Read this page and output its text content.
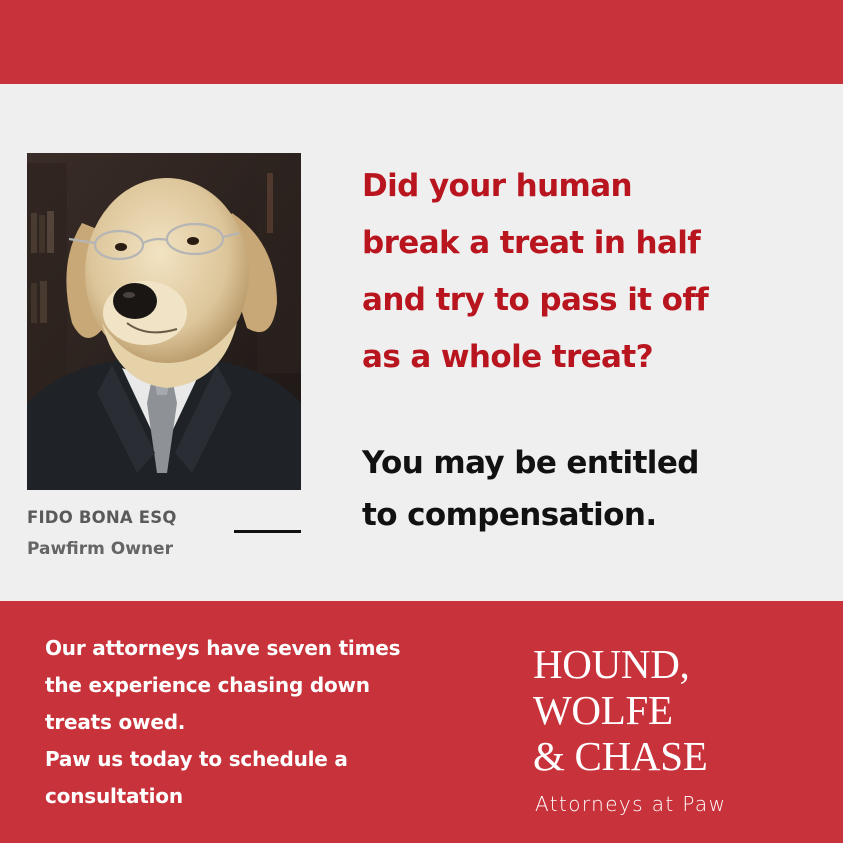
FIDO BONA ESQ
Pawfirm Owner
Did your human
break a treat in half
and try to pass it off
as a whole treat?
You may be entitled
to compensation.

Our attorneys have seven times

the experience chasing down

treats owed.

Paw us today to schedule a

consultation

HOUND,
WOLFE
& CHASE
Attorneys at Paw
